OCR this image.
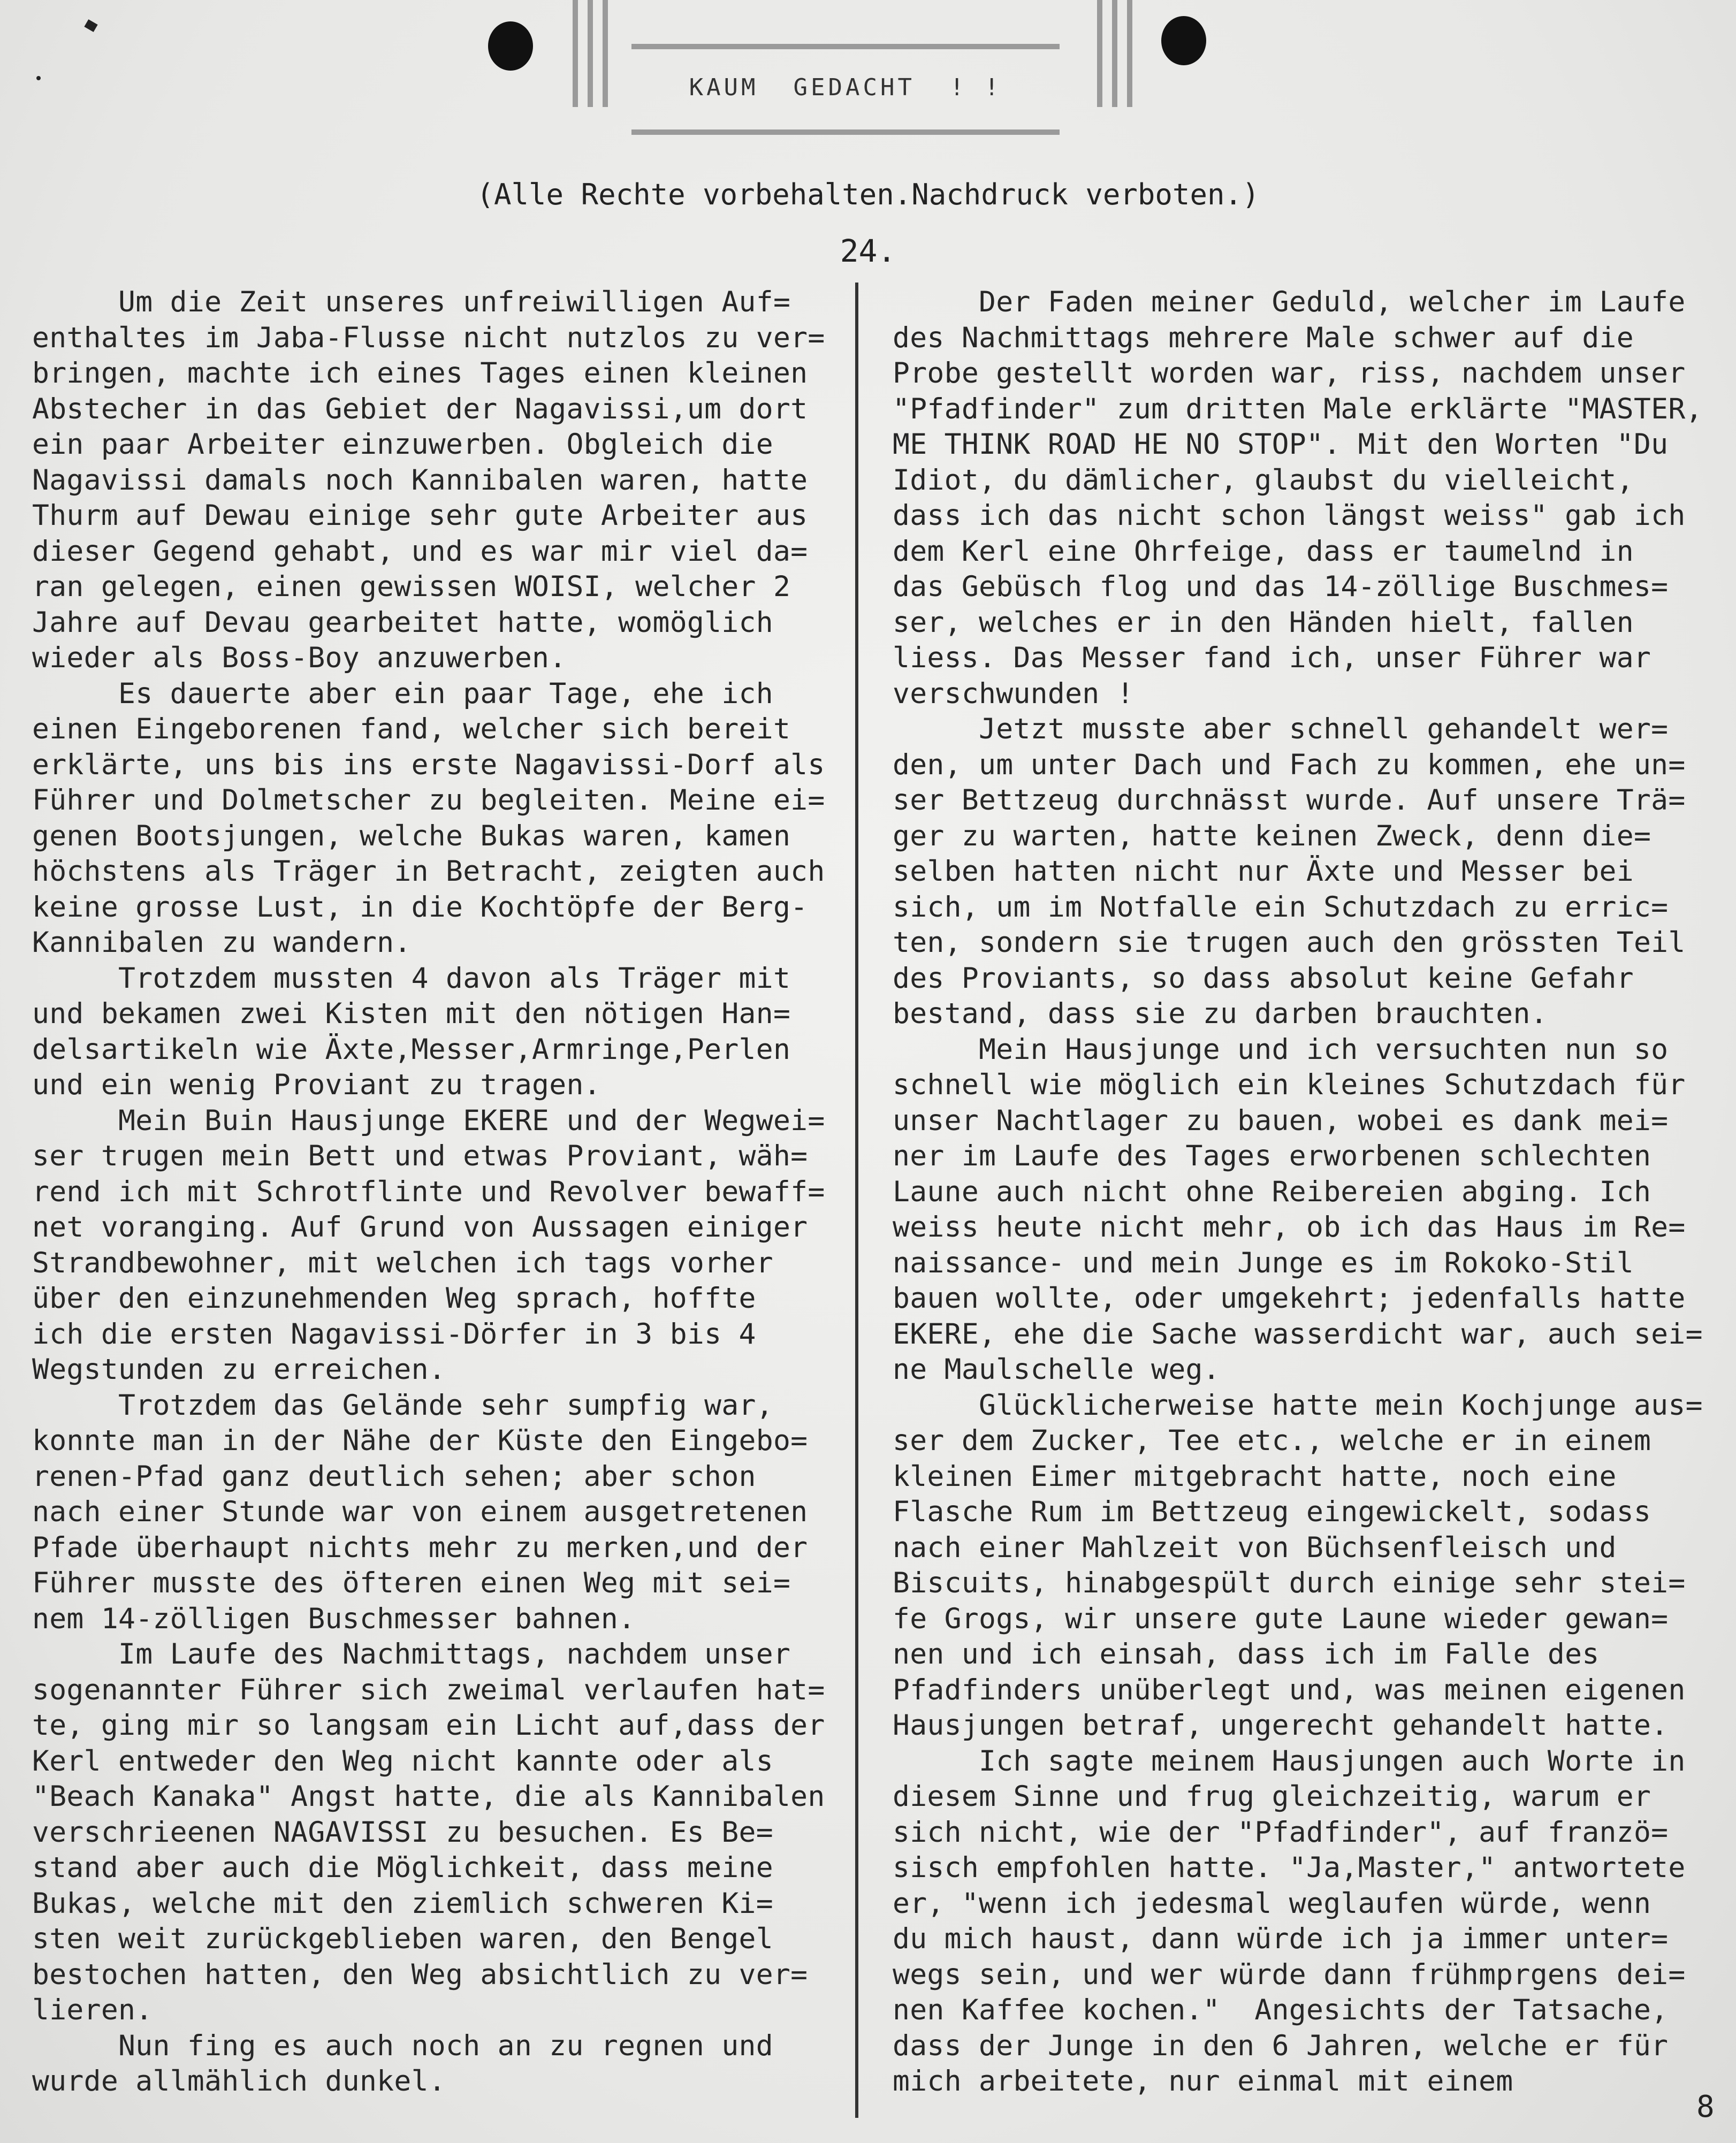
KAUM  GEDACHT  ! !
(Alle Rechte vorbehalten.Nachdruck verboten.)
24.
Um die Zeit unseres unfreiwilligen Auf=
enthaltes im Jaba-Flusse nicht nutzlos zu ver=
bringen, machte ich eines Tages einen kleinen
Abstecher in das Gebiet der Nagavissi,um dort
ein paar Arbeiter einzuwerben. Obgleich die
Nagavissi damals noch Kannibalen waren, hatte
Thurm auf Dewau einige sehr gute Arbeiter aus
dieser Gegend gehabt, und es war mir viel da=
ran gelegen, einen gewissen WOISI, welcher 2
Jahre auf Devau gearbeitet hatte, womöglich
wieder als Boss-Boy anzuwerben.
Es dauerte aber ein paar Tage, ehe ich
einen Eingeborenen fand, welcher sich bereit
erklärte, uns bis ins erste Nagavissi-Dorf als
Führer und Dolmetscher zu begleiten. Meine ei=
genen Bootsjungen, welche Bukas waren, kamen
höchstens als Träger in Betracht, zeigten auch
keine grosse Lust, in die Kochtöpfe der Berg-
Kannibalen zu wandern.
Trotzdem mussten 4 davon als Träger mit
und bekamen zwei Kisten mit den nötigen Han=
delsartikeln wie Äxte,Messer,Armringe,Perlen
und ein wenig Proviant zu tragen.
Mein Buin Hausjunge EKERE und der Wegwei=
ser trugen mein Bett und etwas Proviant, wäh=
rend ich mit Schrotflinte und Revolver bewaff=
net voranging. Auf Grund von Aussagen einiger
Strandbewohner, mit welchen ich tags vorher
über den einzunehmenden Weg sprach, hoffte
ich die ersten Nagavissi-Dörfer in 3 bis 4
Wegstunden zu erreichen.
Trotzdem das Gelände sehr sumpfig war,
konnte man in der Nähe der Küste den Eingebo=
renen-Pfad ganz deutlich sehen; aber schon
nach einer Stunde war von einem ausgetretenen
Pfade überhaupt nichts mehr zu merken,und der
Führer musste des öfteren einen Weg mit sei=
nem 14-zölligen Buschmesser bahnen.
Im Laufe des Nachmittags, nachdem unser
sogenannter Führer sich zweimal verlaufen hat=
te, ging mir so langsam ein Licht auf,dass der
Kerl entweder den Weg nicht kannte oder als
"Beach Kanaka" Angst hatte, die als Kannibalen
verschrieenen NAGAVISSI zu besuchen. Es Be=
stand aber auch die Möglichkeit, dass meine
Bukas, welche mit den ziemlich schweren Ki=
sten weit zurückgeblieben waren, den Bengel
bestochen hatten, den Weg absichtlich zu ver=
lieren.
Nun fing es auch noch an zu regnen und
wurde allmählich dunkel.
Der Faden meiner Geduld, welcher im Laufe
des Nachmittags mehrere Male schwer auf die
Probe gestellt worden war, riss, nachdem unser
"Pfadfinder" zum dritten Male erklärte "MASTER,
ME THINK ROAD HE NO STOP". Mit den Worten "Du
Idiot, du dämlicher, glaubst du vielleicht,
dass ich das nicht schon längst weiss" gab ich
dem Kerl eine Ohrfeige, dass er taumelnd in
das Gebüsch flog und das 14-zöllige Buschmes=
ser, welches er in den Händen hielt, fallen
liess. Das Messer fand ich, unser Führer war
verschwunden !
Jetzt musste aber schnell gehandelt wer=
den, um unter Dach und Fach zu kommen, ehe un=
ser Bettzeug durchnässt wurde. Auf unsere Trä=
ger zu warten, hatte keinen Zweck, denn die=
selben hatten nicht nur Äxte und Messer bei
sich, um im Notfalle ein Schutzdach zu erric=
ten, sondern sie trugen auch den grössten Teil
des Proviants, so dass absolut keine Gefahr
bestand, dass sie zu darben brauchten.
Mein Hausjunge und ich versuchten nun so
schnell wie möglich ein kleines Schutzdach für
unser Nachtlager zu bauen, wobei es dank mei=
ner im Laufe des Tages erworbenen schlechten
Laune auch nicht ohne Reibereien abging. Ich
weiss heute nicht mehr, ob ich das Haus im Re=
naissance- und mein Junge es im Rokoko-Stil
bauen wollte, oder umgekehrt; jedenfalls hatte
EKERE, ehe die Sache wasserdicht war, auch sei=
ne Maulschelle weg.
Glücklicherweise hatte mein Kochjunge aus=
ser dem Zucker, Tee etc., welche er in einem
kleinen Eimer mitgebracht hatte, noch eine
Flasche Rum im Bettzeug eingewickelt, sodass
nach einer Mahlzeit von Büchsenfleisch und
Biscuits, hinabgespült durch einige sehr stei=
fe Grogs, wir unsere gute Laune wieder gewan=
nen und ich einsah, dass ich im Falle des
Pfadfinders unüberlegt und, was meinen eigenen
Hausjungen betraf, ungerecht gehandelt hatte.
Ich sagte meinem Hausjungen auch Worte in
diesem Sinne und frug gleichzeitig, warum er
sich nicht, wie der "Pfadfinder", auf franzö=
sisch empfohlen hatte. "Ja,Master," antwortete
er, "wenn ich jedesmal weglaufen würde, wenn
du mich haust, dann würde ich ja immer unter=
wegs sein, und wer würde dann frühmprgens dei=
nen Kaffee kochen."  Angesichts der Tatsache,
dass der Junge in den 6 Jahren, welche er für
mich arbeitete, nur einmal mit einem
8
